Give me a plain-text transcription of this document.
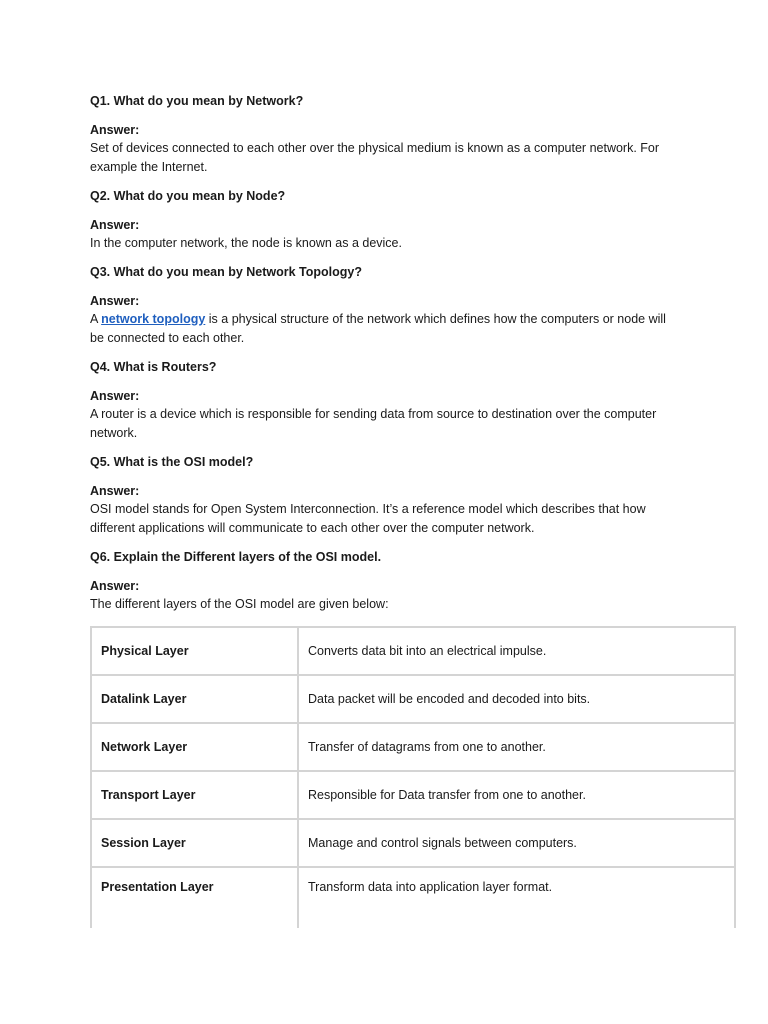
Q1. What do you mean by Network?

Answer:

Set of devices connected to each other over the physical medium is known as a computer network. For

example the Internet.

Q2. What do you mean by Node?

Answer:

In the computer network, the node is known as a device.

Q3. What do you mean by Network Topology?

Answer:

A network topology is a physical structure of the network which defines how the computers or node will

be connected to each other.

Q4. What is Routers?

Answer:

A router is a device which is responsible for sending data from source to destination over the computer

network.

Q5. What is the OSI model?

Answer:

OSI model stands for Open System Interconnection. It’s a reference model which describes that how

different applications will communicate to each other over the computer network.

Q6. Explain the Different layers of the OSI model.

Answer:

The different layers of the OSI model are given below:

Physical Layer	Converts data bit into an electrical impulse.
Datalink Layer	Data packet will be encoded and decoded into bits.
Network Layer	Transfer of datagrams from one to another.
Transport Layer	Responsible for Data transfer from one to another.
Session Layer	Manage and control signals between computers.
Presentation Layer	Transform data into application layer format.
